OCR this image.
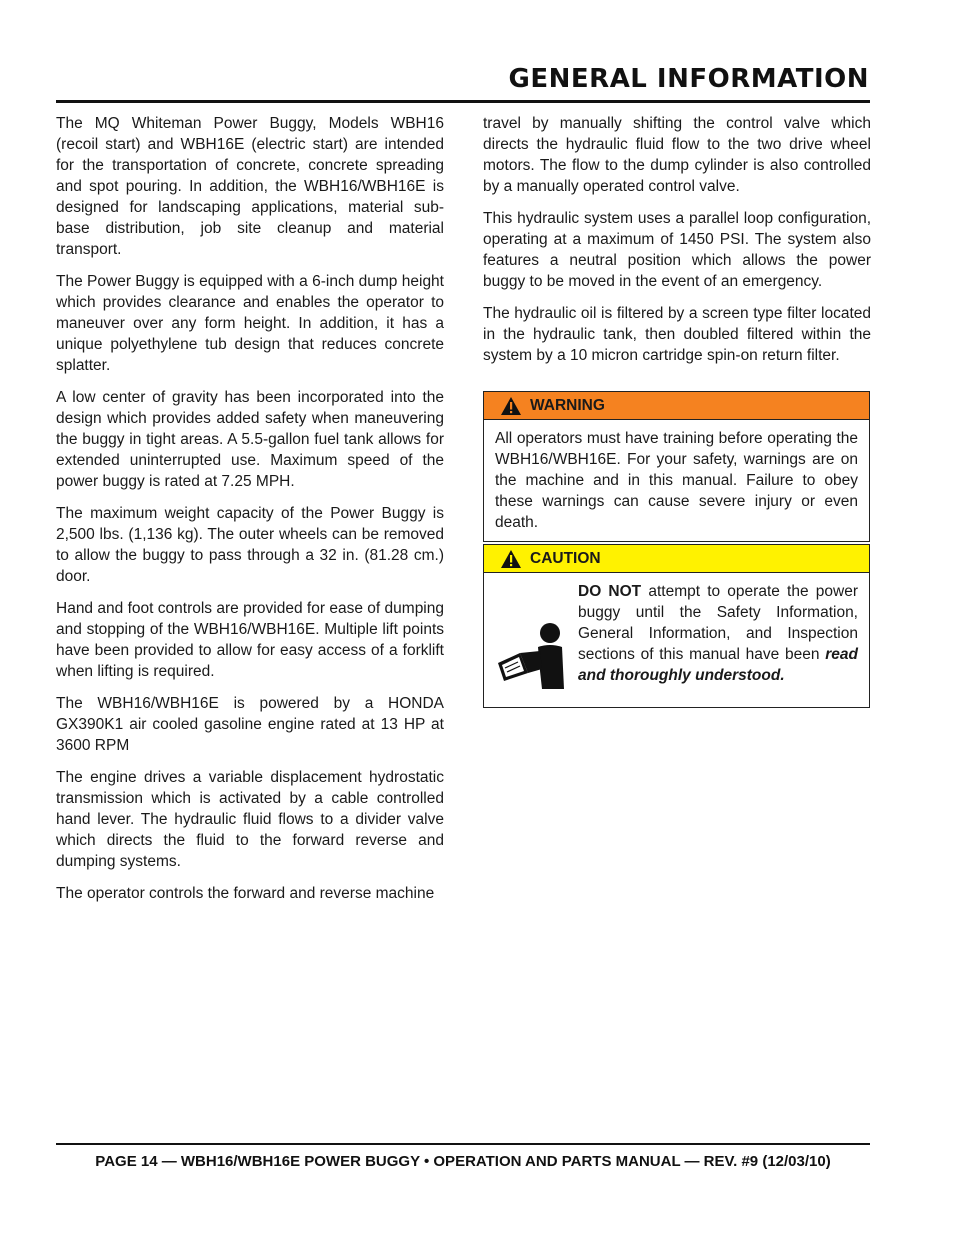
GENERAL INFORMATION

The MQ Whiteman Power Buggy, Models WBH16 (recoil start) and WBH16E (electric start) are intended for the transportation of concrete, concrete spreading and spot pouring. In addition, the WBH16/WBH16E is designed for landscaping applications, material sub-base distribution, job site cleanup and material transport.

The Power Buggy is equipped with a 6-inch dump height which provides clearance and enables the operator to maneuver over any form height. In addition, it has a unique polyethylene tub design that reduces concrete splatter.

A low center of gravity has been incorporated into the design which provides added safety when maneuvering the buggy in tight areas. A 5.5-gallon fuel tank allows for extended uninterrupted use. Maximum speed of the power buggy is rated at 7.25 MPH.

The maximum weight capacity of the Power Buggy is 2,500 lbs. (1,136 kg). The outer wheels can be removed to allow the buggy to pass through a 32 in. (81.28 cm.) door.

Hand and foot controls are provided for ease of dumping and stopping of the WBH16/WBH16E. Multiple lift points have been provided to allow for easy access of a forklift when lifting is required.

The WBH16/WBH16E is powered by a HONDA GX390K1 air cooled gasoline engine rated at 13 HP at 3600 RPM

The engine drives a variable displacement hydrostatic transmission which is activated by a cable controlled hand lever. The hydraulic fluid flows to a divider valve which directs the fluid to the forward reverse and dumping systems.

The operator controls the forward and reverse machine

travel by manually shifting the control valve which directs the hydraulic fluid flow to the two drive wheel motors. The flow to the dump cylinder is also controlled by a manually operated control valve.

This hydraulic system uses a parallel loop configuration, operating at a maximum of 1450 PSI. The system also features a neutral position which allows the power buggy to be moved in the event of an emergency.

The hydraulic oil is filtered by a screen type filter located in the hydraulic tank, then doubled filtered within the system by a 10 micron cartridge spin-on return filter.

WARNING
All operators must have training before operating the WBH16/WBH16E. For your safety, warnings are on the machine and in this manual. Failure to obey these warnings can cause severe injury or even death.
CAUTION
DO NOT attempt to operate the power buggy until the Safety Information, General Information, and Inspection sections of this manual have been read and thoroughly understood.
PAGE 14 — WBH16/WBH16E POWER BUGGY • OPERATION AND PARTS MANUAL — REV. #9 (12/03/10)
